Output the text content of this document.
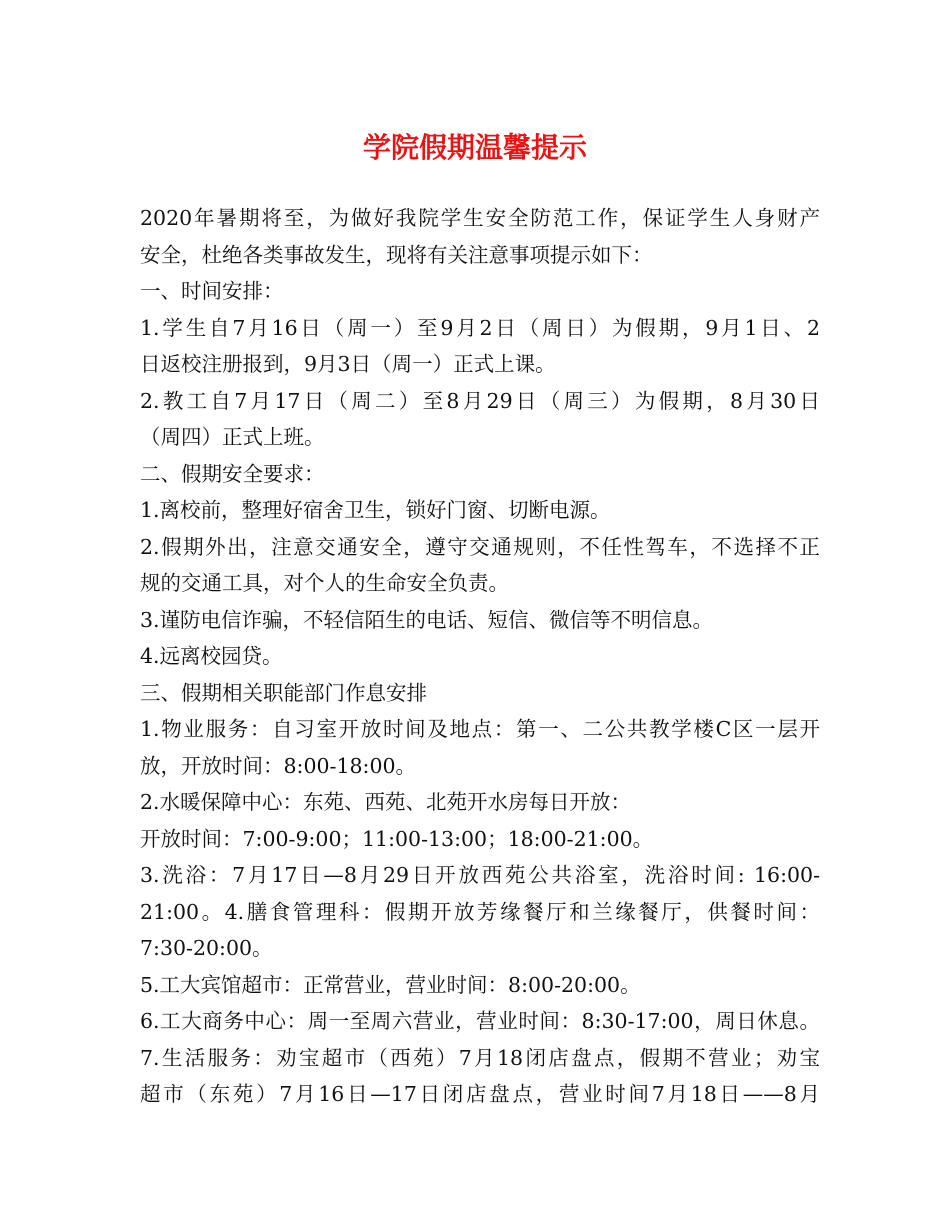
学院假期温馨提示
2020年暑期将至，为做好我院学生安全防范工作，保证学生人身财产
安全，杜绝各类事故发生，现将有关注意事项提示如下：
一、时间安排：
1.学生自7月16日（周一）至9月2日（周日）为假期，9月1日、2
日返校注册报到，9月3日（周一）正式上课。
2.教工自7月17日（周二）至8月29日（周三）为假期，8月30日
（周四）正式上班。
二、假期安全要求：
1.离校前，整理好宿舍卫生，锁好门窗、切断电源。
2.假期外出，注意交通安全，遵守交通规则，不任性驾车，不选择不正
规的交通工具，对个人的生命安全负责。
3.谨防电信诈骗，不轻信陌生的电话、短信、微信等不明信息。
4.远离校园贷。
三、假期相关职能部门作息安排
1.物业服务：自习室开放时间及地点：第一、二公共教学楼C区一层开
放，开放时间：8:00-18:00。
2.水暖保障中心：东苑、西苑、北苑开水房每日开放：
开放时间：7:00-9:00；11:00-13:00；18:00-21:00。
3.洗浴：7月17日—8月29日开放西苑公共浴室，洗浴时间: 16:00-
21:00。4.膳食管理科：假期开放芳缘餐厅和兰缘餐厅，供餐时间：
7:30-20:00。
5.工大宾馆超市：正常营业，营业时间：8:00-20:00。
6.工大商务中心：周一至周六营业，营业时间：8:30-17:00，周日休息。
7.生活服务：劝宝超市（西苑）7月18闭店盘点，假期不营业；劝宝
超市（东苑）7月16日—17日闭店盘点，营业时间7月18日——8月
